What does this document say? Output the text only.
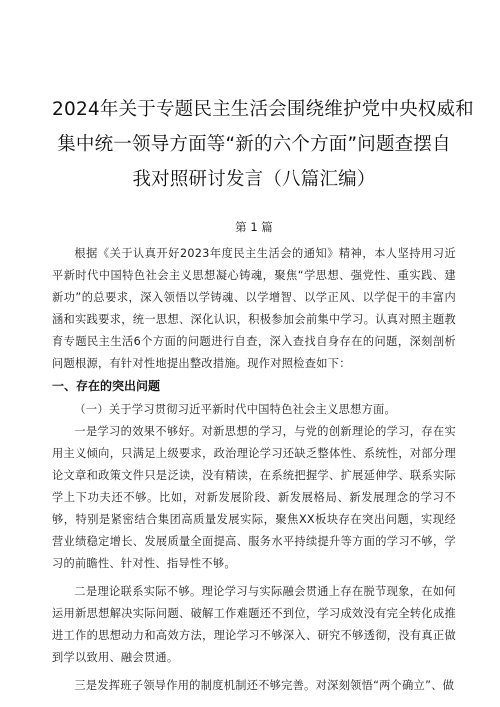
2024年关于专题民主生活会围绕维护党中央权威和
集中统一领导方面等“新的六个方面”问题查摆自
我对照研讨发言（八篇汇编）
第 1 篇

根据《关于认真开好2023年度民主生活会的通知》精神，本人坚持用习近平新时代中国特色社会主义思想凝心铸魂，聚焦“学思想、强党性、重实践、建新功”的总要求，深入领悟以学铸魂、以学增智、以学正风、以学促干的丰富内涵和实践要求，统一思想、深化认识，积极参加会前集中学习。认真对照主题教育专题民主生活6个方面的问题进行自查，深入查找自身存在的问题，深刻剖析问题根源，有针对性地提出整改措施。现作对照检查如下：

一、存在的突出问题
（一）关于学习贯彻习近平新时代中国特色社会主义思想方面。

一是学习的效果不够好。对新思想的学习，与党的创新理论的学习，存在实用主义倾向，只满足上级要求，政治理论学习还缺乏整体性、系统性，对部分理论文章和政策文件只是泛读，没有精读，在系统把握学、扩展延伸学、联系实际学上下功夫还不够。比如，对新发展阶段、新发展格局、新发展理念的学习不够，特别是紧密结合集团高质量发展实际，聚焦XX板块存在突出问题，实现经营业绩稳定增长、发展质量全面提高、服务水平持续提升等方面的学习不够，学习的前瞻性、针对性、指导性不够。

二是理论联系实际不够。理论学习与实际融会贯通上存在脱节现象，在如何运用新思想解决实际问题、破解工作难题还不到位，学习成效没有完全转化成推进工作的思想动力和高效方法，理论学习不够深入、研究不够透彻，没有真正做到学以致用、融会贯通。

三是发挥班子领导作用的制度机制还不够完善。对深刻领悟“两个确立”、做
